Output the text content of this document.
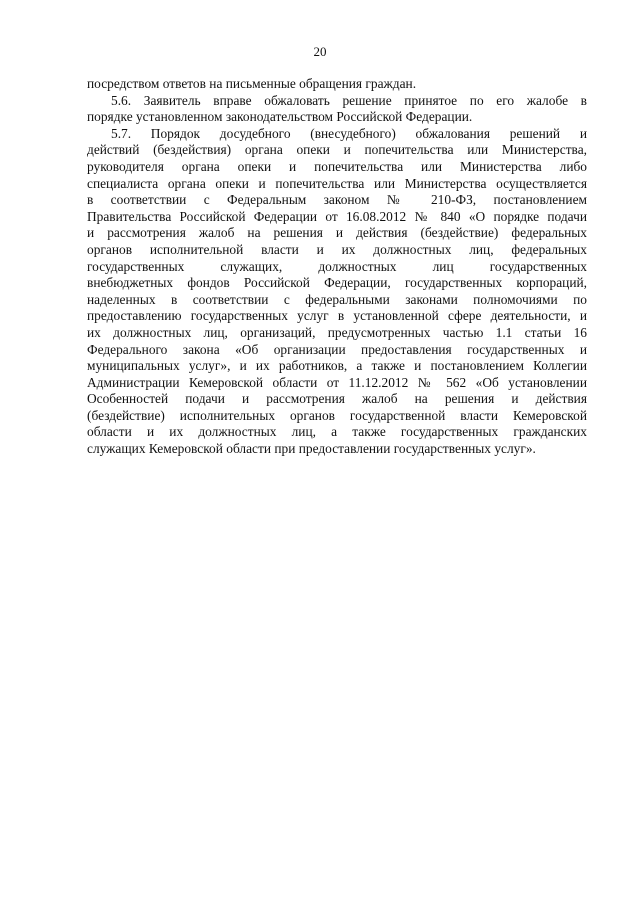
20
посредством ответов на письменные обращения граждан.
5.6. Заявитель вправе обжаловать решение принятое по его жалобе в
порядке установленном законодательством Российской Федерации.
5.7. Порядок досудебного (внесудебного) обжалования решений и
действий (бездействия) органа опеки и попечительства или Министерства,
руководителя органа опеки и попечительства или Министерства либо
специалиста органа опеки и попечительства или Министерства осуществляется
в соответствии с Федеральным законом № 210-ФЗ, постановлением
Правительства Российской Федерации от 16.08.2012 № 840 «О порядке подачи
и рассмотрения жалоб на решения и действия (бездействие) федеральных
органов исполнительной власти и их должностных лиц, федеральных
государственных служащих, должностных лиц государственных
внебюджетных фондов Российской Федерации, государственных корпораций,
наделенных в соответствии с федеральными законами полномочиями по
предоставлению государственных услуг в установленной сфере деятельности, и
их должностных лиц, организаций, предусмотренных частью 1.1 статьи 16
Федерального закона «Об организации предоставления государственных и
муниципальных услуг», и их работников, а также и постановлением Коллегии
Администрации Кемеровской области от 11.12.2012 № 562 «Об установлении
Особенностей подачи и рассмотрения жалоб на решения и действия
(бездействие) исполнительных органов государственной власти Кемеровской
области и их должностных лиц, а также государственных гражданских
служащих Кемеровской области при предоставлении государственных услуг».
